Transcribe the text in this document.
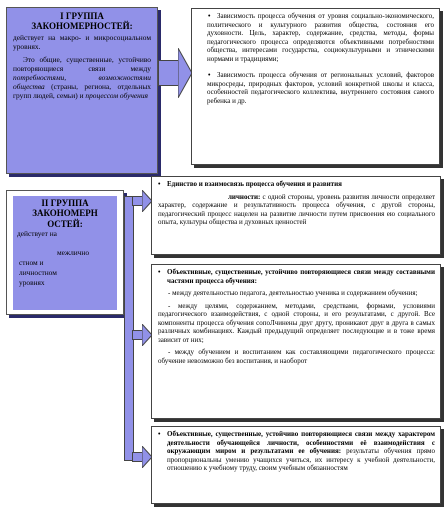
I ГРУППА ЗАКОНОМЕРНОСТЕЙ:
действует на макро- и микросоциальном уровнях.
Это общие, существенные, устойчиво повторяющиеся связи между потребностями, возможностями общества (страны, региона, отдельных групп людей, семьи) и процессом обучения
• Зависимость процесса обучения от уровня социально-экономического, политического и культурного развития общества, состояния его духовности. Цель, характер, содержание, средства, методы, формы педагогического процесса определяются объективными потребностями общества, интересами государства, социокультурными и этническими нормами и традициями;
• Зависимость процесса обучения от региональных условий, факторов микросреды, природных факторов, условий конкретной школы и класса, особенностей педагогического коллектива, внутреннего состояния самого ребенка и др.
II ГРУППА ЗАКОНОМЕРН ОСТЕЙ:
действует на
межлично
стном и
личностном
уровнях
• Единство и взаимосвязь процесса обучения и развития
личности: с одной стороны, уровень развития личности определяет характер, содержание и результативность процесса обучения, с другой стороны, педагогический процесс нацелен на развитие личности путем присвоения ею социального опыта, культуры общества и духовных ценностей
• Объективные, существенные, устойчиво повторяющиеся связи между составными частями процесса обучения:
- между деятельностью педагога, деятельностью ученика и содержанием обучения;
- между целями, содержанием, методами, средствами, формами, условиями педагогического взаимодействия, с одной стороны, и его результатами, с другой. Все компоненты процесса обучения сопоЛчинены друг другу, проникают друг в друга в самых различных комбинациях. Каждый предыдущий определяет последующие и в тоже время зависит от них;
- между обучением и воспитанием как составляющими педагогического процесса: обучение невозможно без воспитания, и наоборот
• Объективные, существенные, устойчиво повторяющиеся связи между характером деятельности обучающейся личности, особенностями её взаимодействия с окружающим миром и результатами ее обучения: результаты обучения прямо пропорциональны умению учащихся учиться, их интересу к учебной деятельности, отношению к учебному труду, своим учебным обязанностям
